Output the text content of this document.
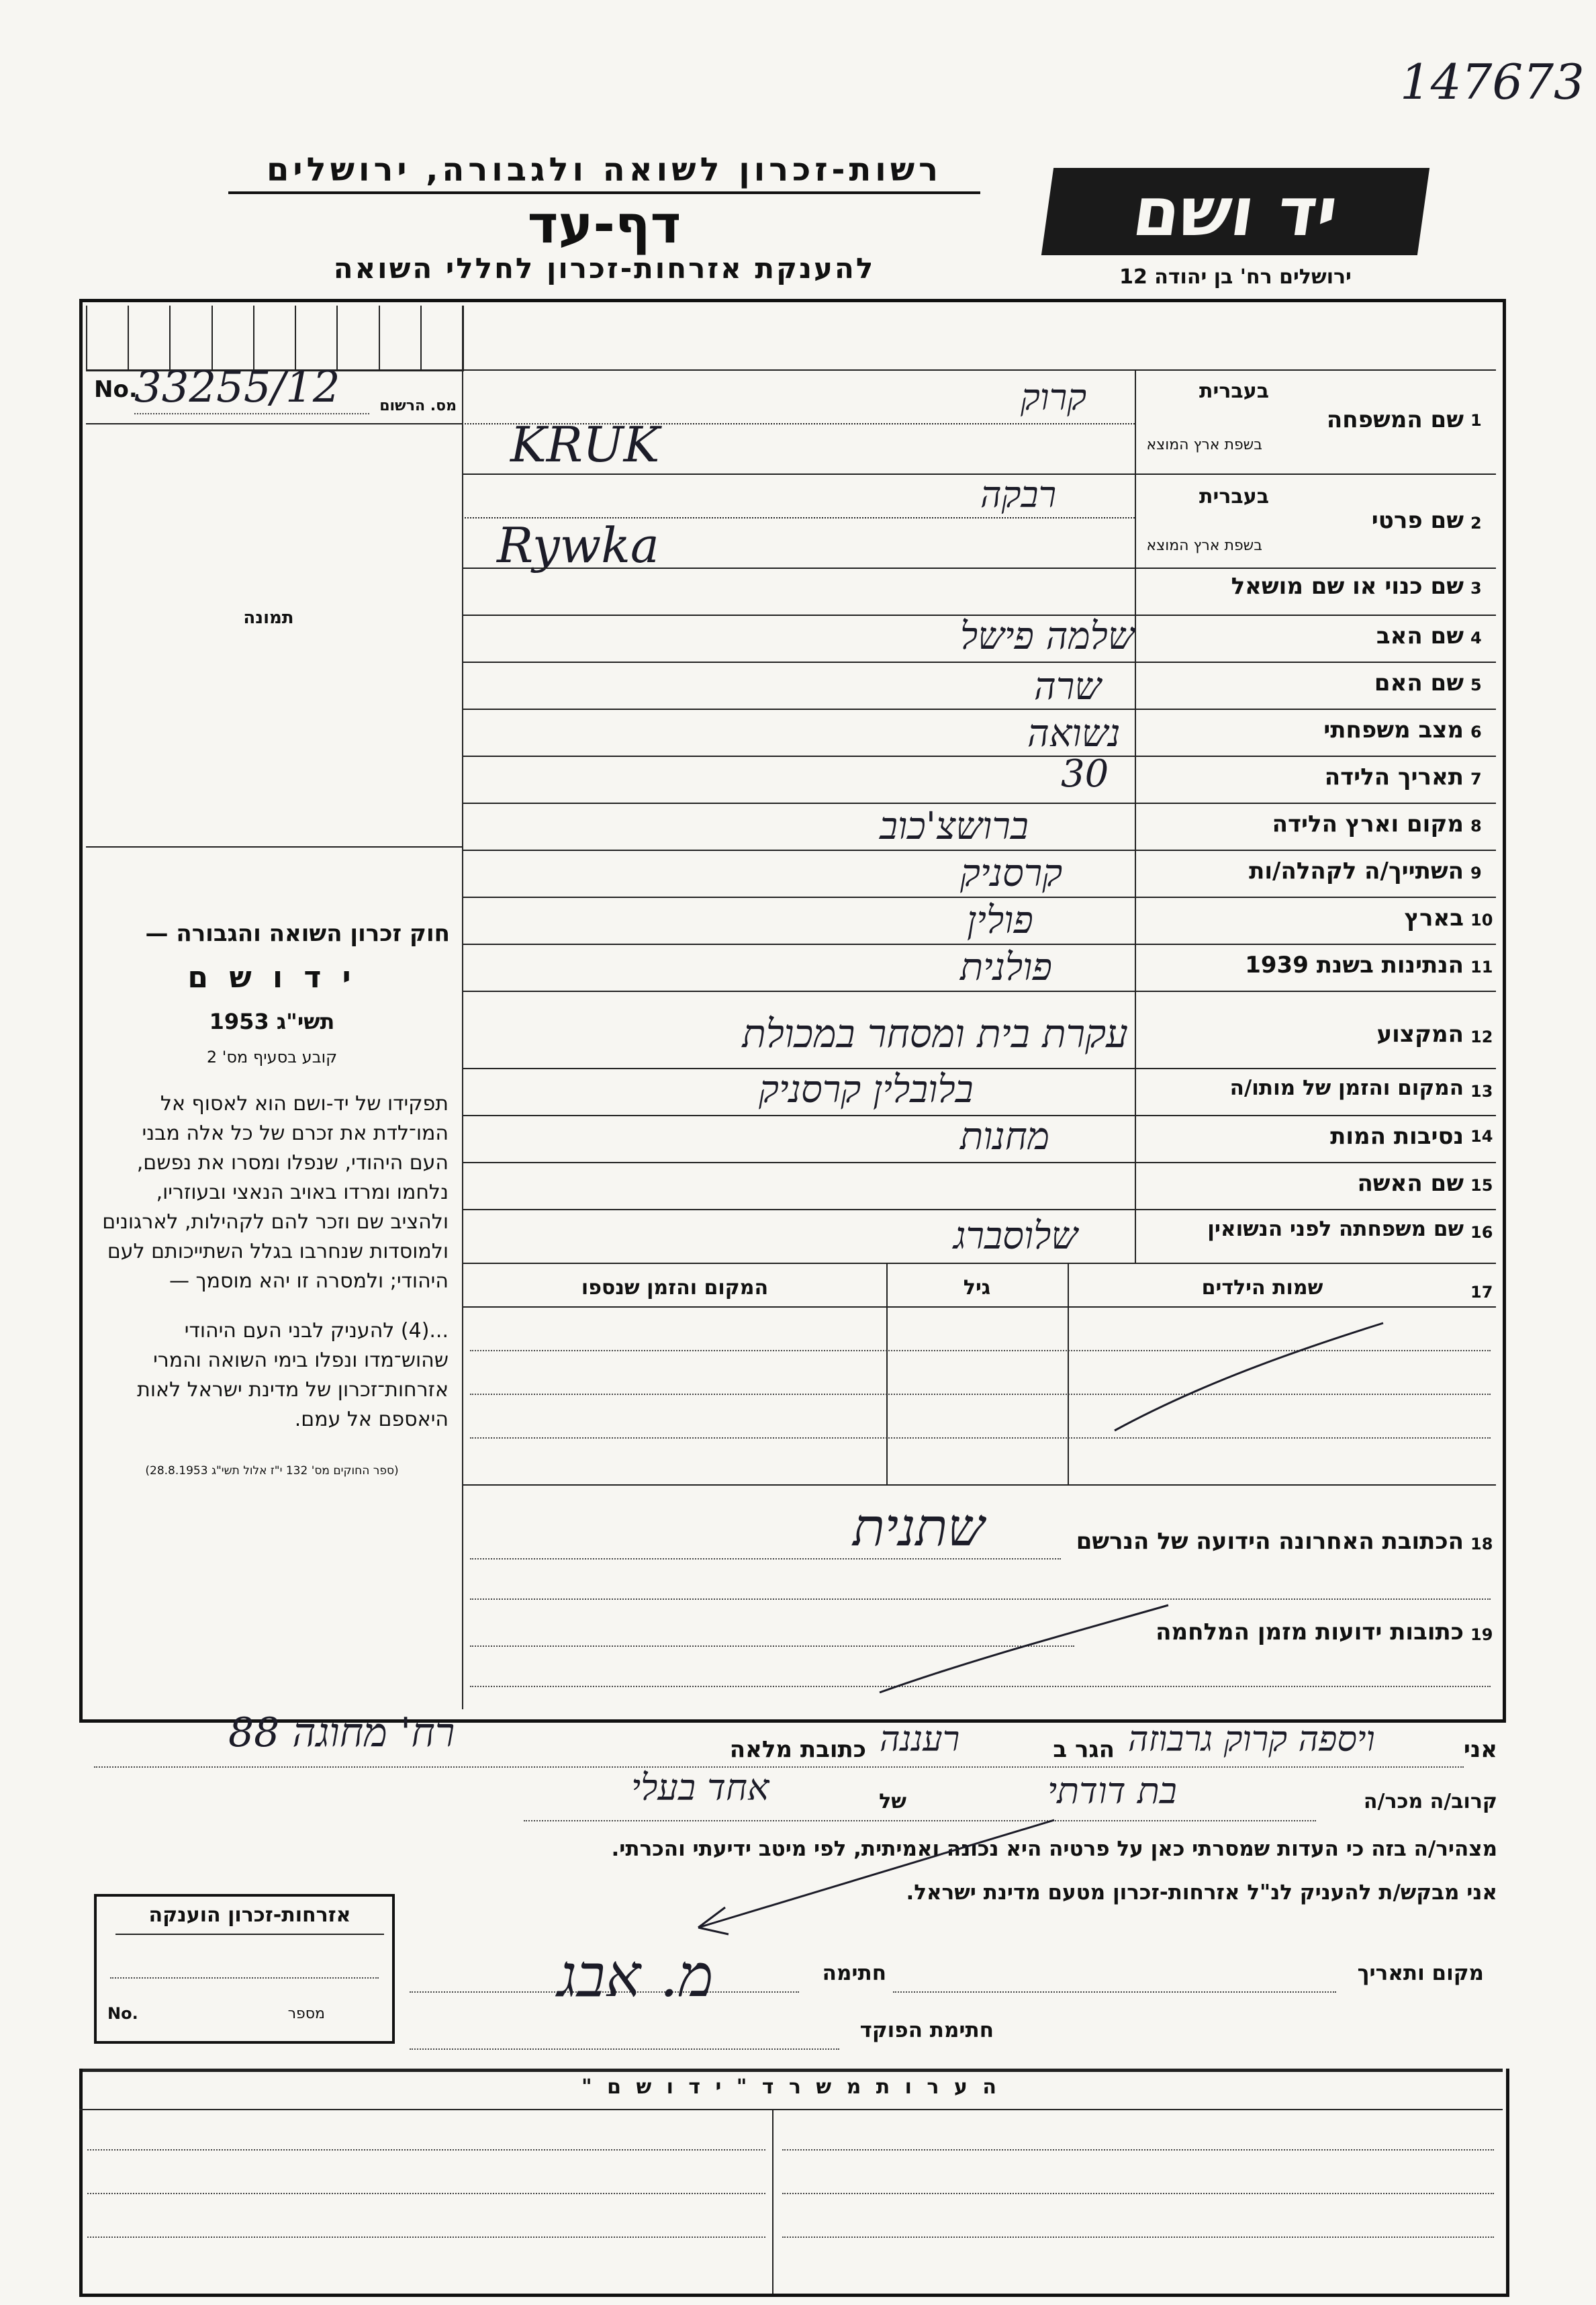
147673
רשות-זכרון לשואה ולגבורה, ירושלים
דף-עד
להענקת אזרחות-זכרון לחללי השואה
יד ושם
ירושלים רח' בן יהודה 12
No.
33255/12	מס. הרשום
תמונה
חוק זכרון השואה והגבורה —
י ד ו ש ם
תשי"ג 1953
קובע בסעיף מס' 2
תפקידו של יד-ושם הוא לאסוף אל המו־לדת את זכרם של כל אלה מבני העם היהודי, שנפלו ומסרו את נפשם, נלחמו ומרדו באויב הנאצי ובעוזריו, ולהציב שם וזכר להם לקהילות, לארגונים ולמוסדות שנחרבו בגלל השתייכותם לעם היהודי; ולמסרה זו יהא מוסמך —
...(4) להעניק לבני העם היהודי שהוש־מדו ונפלו בימי השואה והמרי אזרחות־זכרון של מדינת ישראל לאות היאספם אל עמם.
(ספר החוקים מס' 132 י"ז אלול תשי"ג 28.8.1953)
בעברית
שם המשפחה 1
בשפת ארץ המוצא
קרוק
KRUK
בעברית
שם פרטי 2
בשפת ארץ המוצא
רבקה
Rywka
שם כנוי או שם מושאל 3
שם האב 4
שלמה פישל
שם האם 5
שרה
מצב משפחתי 6
נשואה
תאריך הלידה 7
30
מקום וארץ הלידה 8
ברושצ'כוב
השתייך/ה לקהלה/ות 9
קרסניק
בארץ 10
פולין
הנתינות בשנת 1939 11
פולנית
המקצוע 12
עקרת בית ומסחר במכולת
המקום והזמן של מותו/ה 13
בלובלין קרסניק
נסיבות המות 14
מחנות
שם האשה 15
שם משפחתה לפני הנשואין 16
שלוסברג
17
שמות הילדים
גיל
המקום והזמן שנספו
הכתובת האחרונה הידועה של הנרשם 18
שתנית
כתובות ידועות מזמן המלחמה 19
אני
ויספה קרוק גרבוזה
הגר ב
רעננה
כתובת מלאה
רח' מחוגה 88
קרוב/ה מכר/ה
בת דודתי
של
אחד בעלי
מצהיר/ה בזה כי העדות שמסרתי כאן על פרטיה היא נכונה ואמיתית, לפי מיטב ידיעתי והכרתי.
אני מבקש/ת להעניק לנ"ל אזרחות-זכרון מטעם מדינת ישראל.
מקום ותאריך
חתימה
חתימת הפוקד
מ. אבג
אזרחות-זכרון הוענקה
No.	מספר
ה ע ר ו ת מ ש ר ד " י ד ו ש ם "
